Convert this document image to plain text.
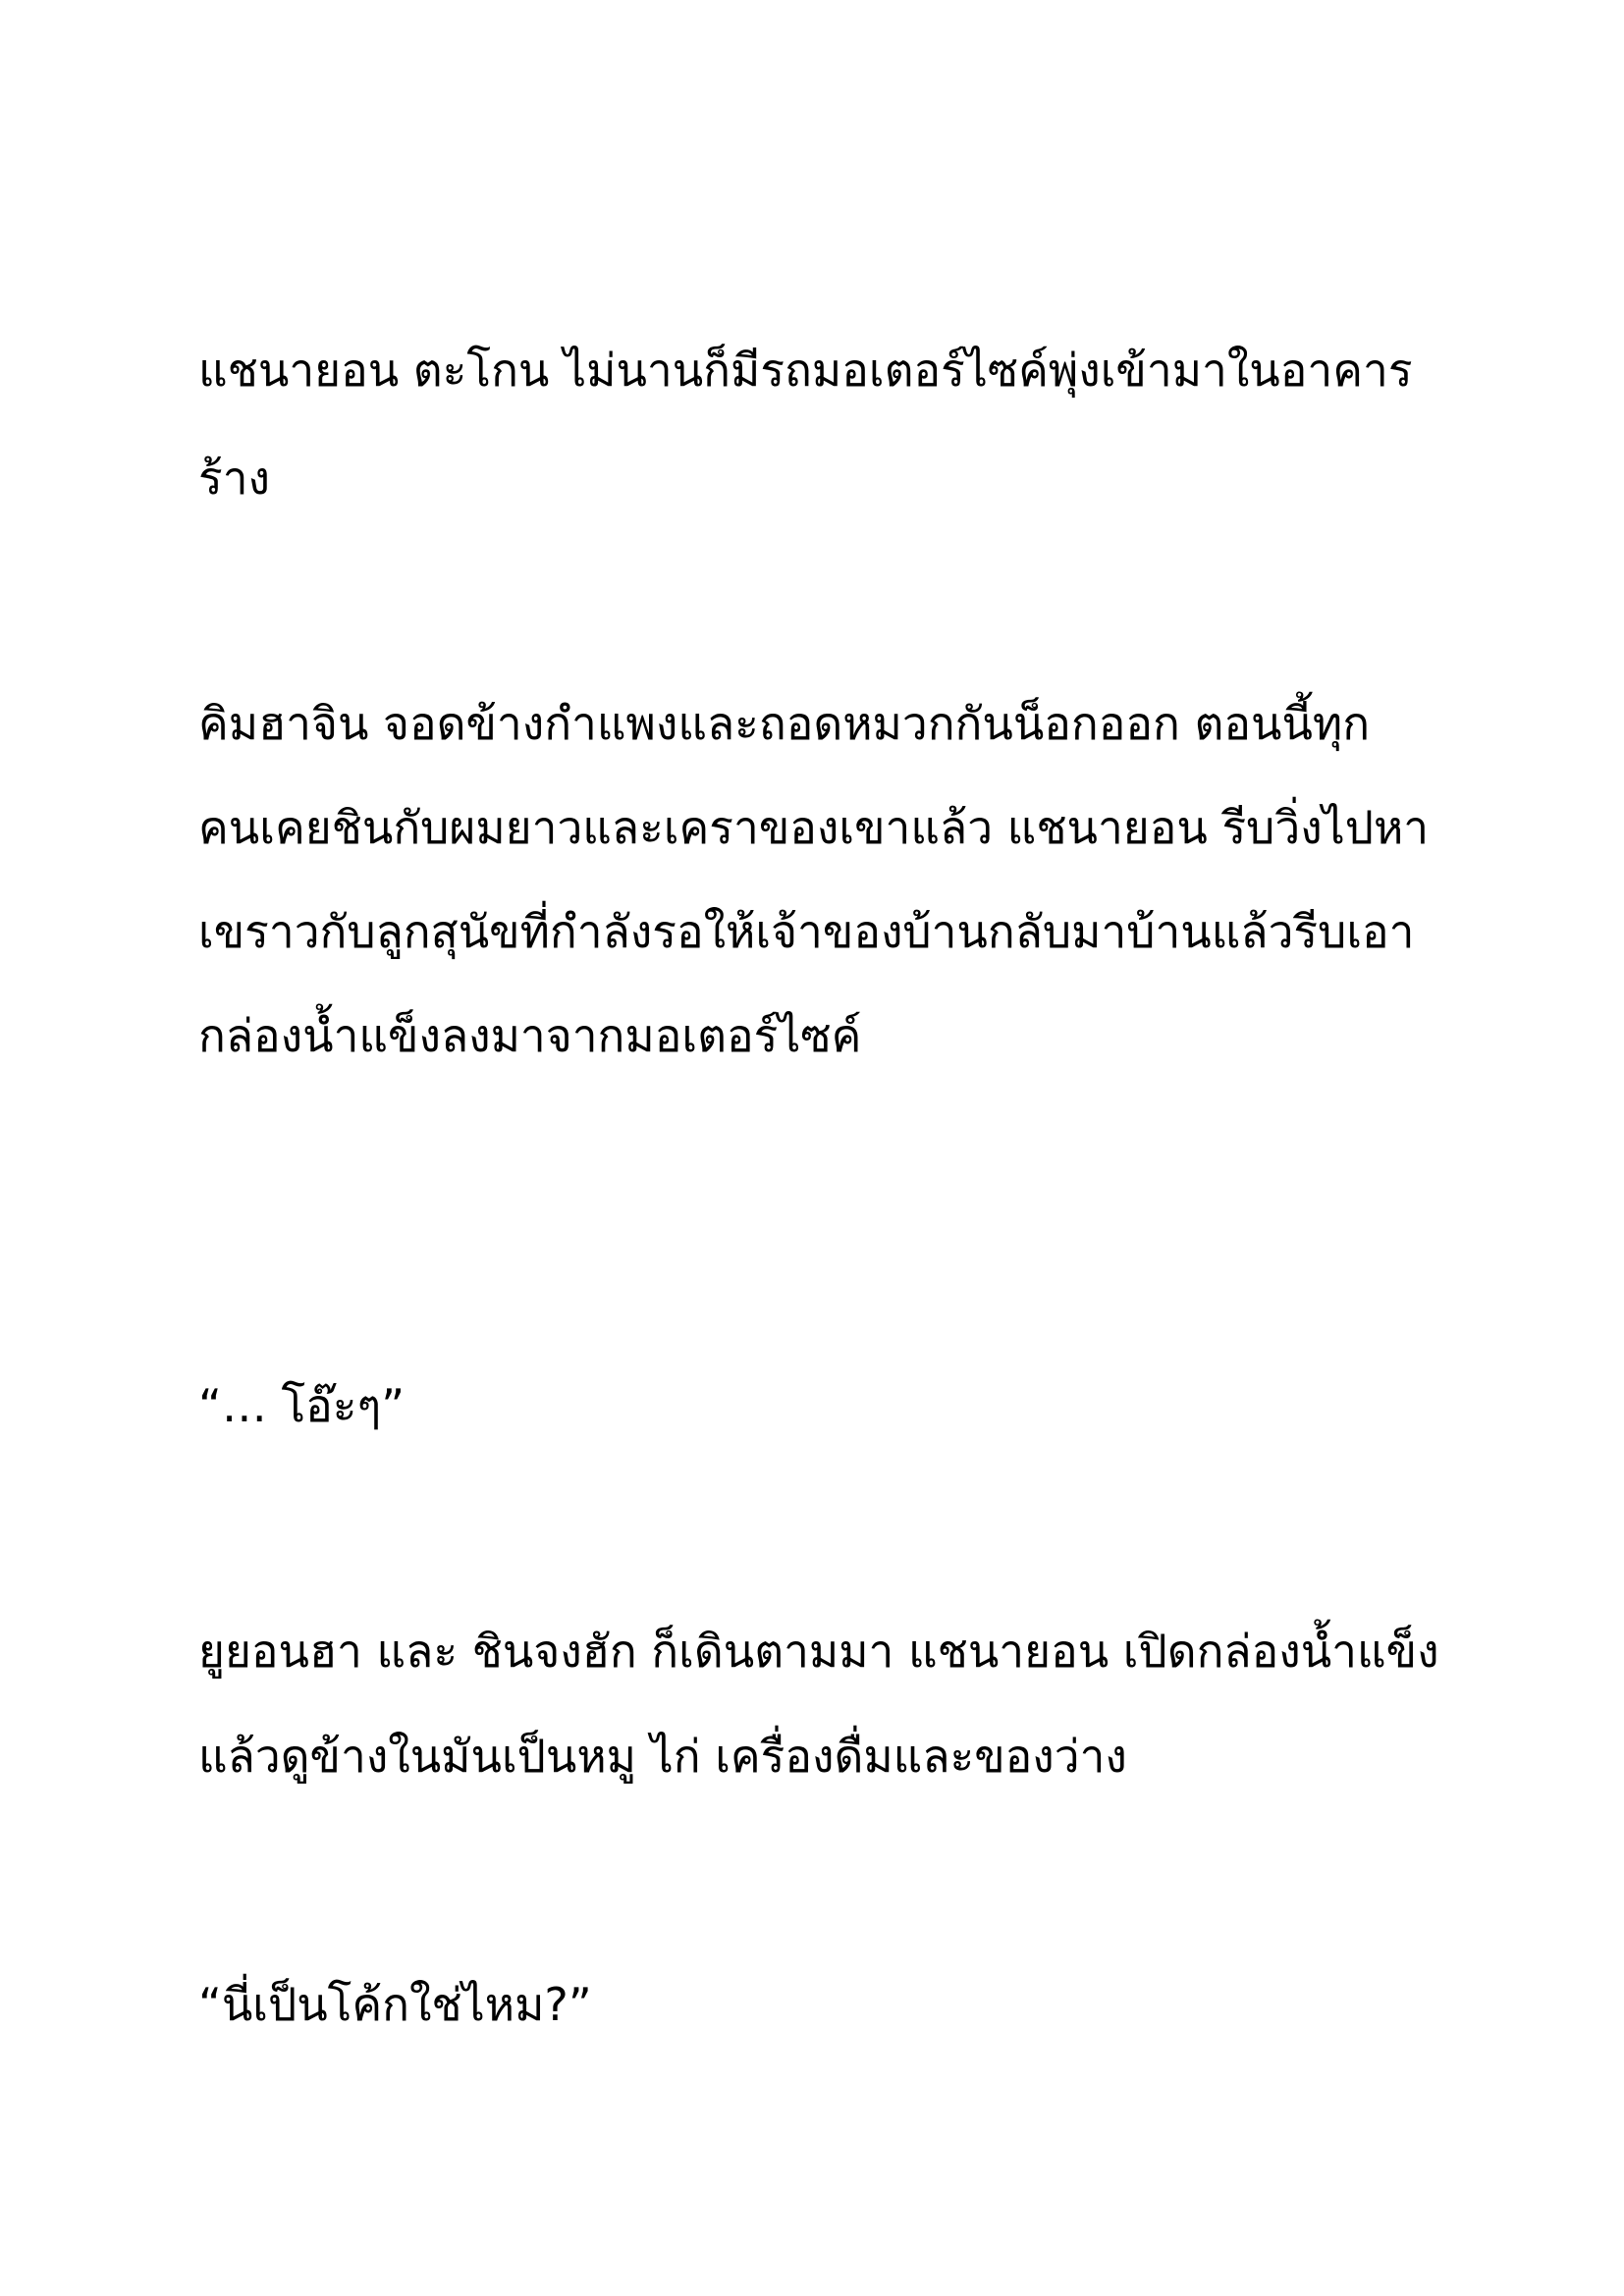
แชนายอน ตะโกน ไม่นานก็มีรถมอเตอร์ไซค์พุ่งเข้ามาในอาคาร

ร้าง

คิมฮาจิน จอดข้างกำแพงและถอดหมวกกันน็อกออก ตอนนี้ทุก

คนเคยชินกับผมยาวและเคราของเขาแล้ว แชนายอน รีบวิ่งไปหา

เขราวกับลูกสุนัขที่กำลังรอให้เจ้าของบ้านกลับมาบ้านแล้วรีบเอา

กล่องน้ำแข็งลงมาจากมอเตอร์ไซค์

“… โอ๊ะๆ”

ยูยอนฮา และ ชินจงฮัก ก็เดินตามมา แชนายอน เปิดกล่องน้ำแข็ง

แล้วดูข้างในมันเป็นหมู ไก่ เครื่องดื่มและของว่าง

“นี่เป็นโค้กใช่ไหม?”
